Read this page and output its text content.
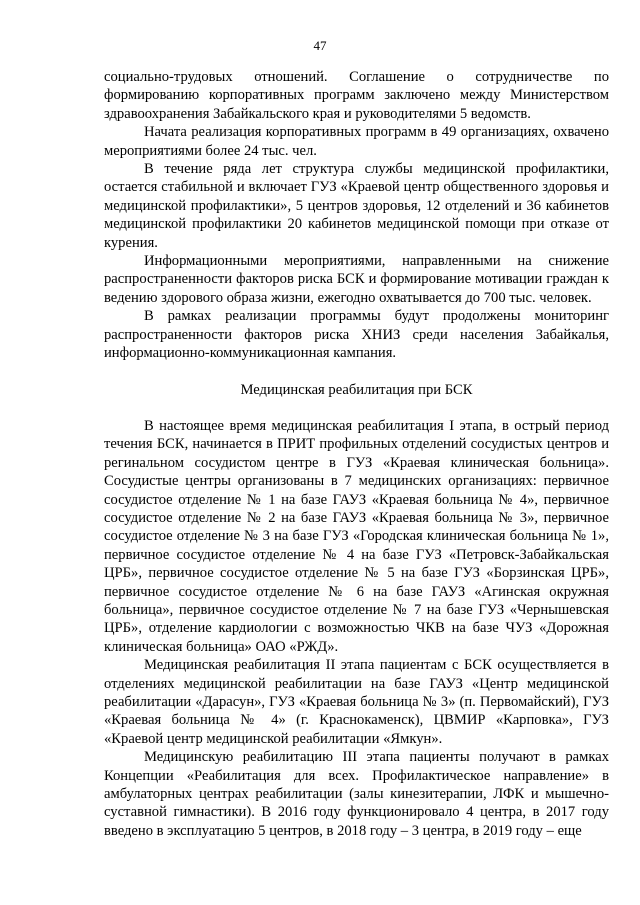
47

социально-трудовых отношений. Соглашение о сотрудничестве по формированию корпоративных программ заключено между Министерством здравоохранения Забайкальского края и руководителями 5 ведомств.

Начата реализация корпоративных программ в 49 организациях, охвачено мероприятиями более 24 тыс. чел.

В течение ряда лет структура службы медицинской профилактики, остается стабильной и включает ГУЗ «Краевой центр общественного здоровья и медицинской профилактики», 5 центров здоровья, 12 отделений и 36 кабинетов медицинской профилактики 20 кабинетов медицинской помощи при отказе от курения.

Информационными мероприятиями, направленными на снижение распространенности факторов риска БСК и формирование мотивации граждан к ведению здорового образа жизни, ежегодно охватывается до 700 тыс. человек.

В рамках реализации программы будут продолжены мониторинг распространенности факторов риска ХНИЗ среди населения Забайкалья, информационно-коммуникационная кампания.

Медицинская реабилитация при БСК

В настоящее время медицинская реабилитация I этапа, в острый период течения БСК, начинается в ПРИТ профильных отделений сосудистых центров и регинальном сосудистом центре в ГУЗ «Краевая клиническая больница». Сосудистые центры организованы в 7 медицинских организациях: первичное сосудистое отделение № 1 на базе ГАУЗ «Краевая больница № 4», первичное сосудистое отделение № 2 на базе ГАУЗ «Краевая больница № 3», первичное сосудистое отделение № 3 на базе ГУЗ «Городская клиническая больница № 1», первичное сосудистое отделение № 4 на базе ГУЗ «Петровск-Забайкальская ЦРБ», первичное сосудистое отделение № 5 на базе ГУЗ «Борзинская ЦРБ», первичное сосудистое отделение № 6 на базе ГАУЗ «Агинская окружная больница», первичное сосудистое отделение № 7 на базе ГУЗ «Чернышевская ЦРБ», отделение кардиологии с возможностью ЧКВ на базе ЧУЗ «Дорожная клиническая больница» ОАО «РЖД».

Медицинская реабилитация II этапа пациентам с БСК осуществляется в отделениях медицинской реабилитации на базе ГАУЗ «Центр медицинской реабилитации «Дарасун», ГУЗ «Краевая больница № 3» (п. Первомайский), ГУЗ «Краевая больница № 4» (г. Краснокаменск), ЦВМИР «Карповка», ГУЗ «Краевой центр медицинской реабилитации «Ямкун».

Медицинскую реабилитацию III этапа пациенты получают в рамках Концепции «Реабилитация для всех. Профилактическое направление» в амбулаторных центрах реабилитации (залы кинезитерапии, ЛФК и мышечно-суставной гимнастики). В 2016 году функционировало 4 центра, в 2017 году введено в эксплуатацию 5 центров, в 2018 году – 3 центра, в 2019 году – еще
